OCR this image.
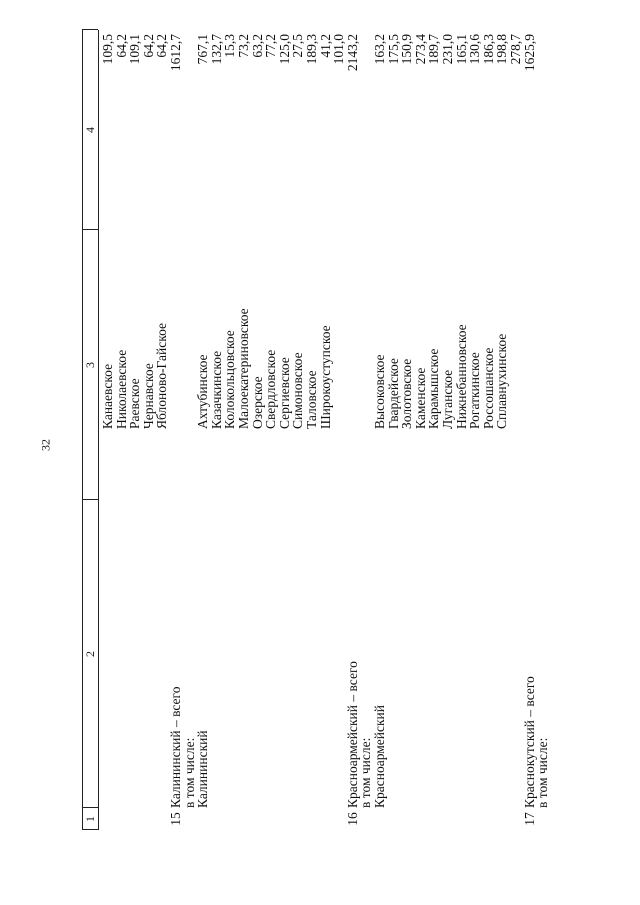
32
1
2
3
4
Канаевское
109,5
Николаевское
64,2
Раевское
109,1
Чернавское
64,2
Яблоново-Гайское
64,2
15
Калининский – всего
1612,7
в том числе:
Калининский
Ахтубинское
767,1
Казачкинское
132,7
Колокольцовское
15,3
Малоекатериновское
73,2
Озерское
63,2
Свердловское
77,2
Сергиевское
125,0
Симоновское
27,5
Таловское
189,3
Широкоуступское
41,2
101,0
16
Красноармейский – всего
2143,2
в том числе:
Красноармейский
Высоковское
163,2
Гвардейское
175,5
Золотовское
150,9
Каменское
273,4
Карамышское
189,7
Луганское
231,0
Нижнебанновское
165,1
Рогаткинское
130,6
Россошанское
186,3
Сплавнухинское
198,8
278,7
17
Краснокутский – всего
1625,9
в том числе:
